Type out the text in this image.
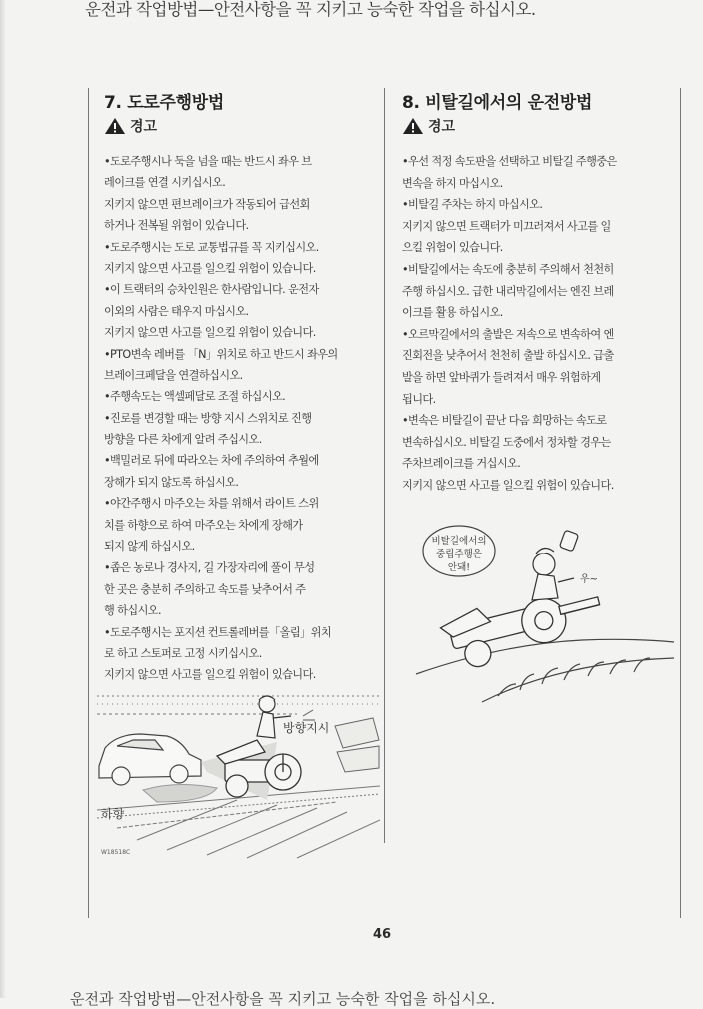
운전과 작업방법—안전사항을 꼭 지키고 능숙한 작업을 하십시오.
7. 도로주행방법
경고
•도로주행시나 둑을 넘을 때는 반드시 좌우 브
레이크를 연결 시키십시오.
지키지 않으면 편브레이크가 작동되어 급선회
하거나 전복될 위험이 있습니다.
•도로주행시는 도로 교통법규를 꼭 지키십시오.
지키지 않으면 사고를 일으킬 위험이 있습니다.
•이 트랙터의 승차인원은 한사람입니다. 운전자
이외의 사람은 태우지 마십시오.
지키지 않으면 사고를 일으킬 위험이 있습니다.
•PTO변속 레버를 「N」위치로 하고 반드시 좌우의
브레이크페달을 연결하십시오.
•주행속도는 액셀페달로 조절 하십시오.
•진로를 변경할 때는 방향 지시 스위치로 진행
방향을 다른 차에게 알려 주십시오.
•백밀러로 뒤에 따라오는 차에 주의하여 추월에
장해가 되지 않도록 하십시오.
•야간주행시 마주오는 차를 위해서 라이트 스위
치를 하향으로 하여 마주오는 차에게 장해가
되지 않게 하십시오.
•좁은 농로나 경사지, 길 가장자리에 풀이 무성
한 곳은 충분히 주의하고 속도를 낮추어서 주
행 하십시오.
•도로주행시는 포지션 컨트롤레버를「올림」위치
로 하고 스토퍼로 고정 시키십시오.
지키지 않으면 사고를 일으킬 위험이 있습니다.
8. 비탈길에서의 운전방법
경고
•우선 적정 속도판을 선택하고 비탈길 주행중은
변속을 하지 마십시오.
•비탈길 주차는 하지 마십시오.
지키지 않으면 트랙터가 미끄러져서 사고를 일
으킬 위험이 있습니다.
•비탈길에서는 속도에 충분히 주의해서 천천히
주행 하십시오. 급한 내리막길에서는 엔진 브레
이크를 활용 하십시오.
•오르막길에서의 출발은 저속으로 변속하여 엔
진회전을 낮추어서 천천히 출발 하십시오. 급출
발을 하면 앞바퀴가 들려져서 매우 위험하게
됩니다.
•변속은 비탈길이 끝난 다음 희망하는 속도로
변속하십시오. 비탈길 도중에서 정차할 경우는
주차브레이크를 거십시오.
지키지 않으면 사고를 일으킬 위험이 있습니다.
방향지시
하향
W18518C
비탈길에서의
중립주행은
안돼!
우~
46
운전과 작업방법—안전사항을 꼭 지키고 능숙한 작업을 하십시오.
